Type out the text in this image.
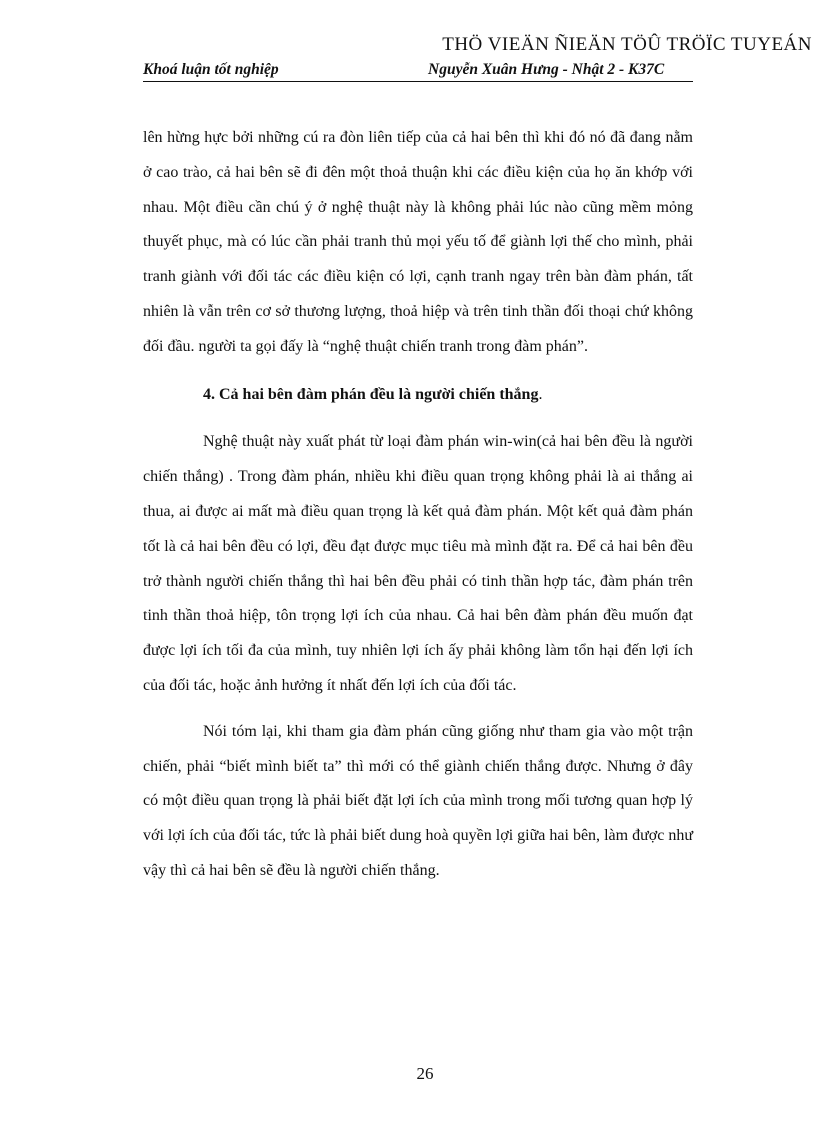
THÖ VIEÄN ÑIEÄN TÖÛ TRÖÏC TUYEÁN
Khoá luận tốt nghiệp	Nguyễn Xuân Hưng - Nhật 2 - K37C

lên hừng hực bởi những cú ra đòn liên tiếp của cả hai bên thì khi đó nó đã đang nằm ở cao trào, cả hai bên sẽ đi đên một thoả thuận khi các điều kiện của họ ăn khớp với nhau. Một điều cần chú ý ở nghệ thuật này là không phải lúc nào cũng mềm mỏng thuyết phục, mà có lúc cần phải tranh thủ mọi yếu tố để giành lợi thế cho mình, phải tranh giành với đối tác các điều kiện có lợi, cạnh tranh ngay trên bàn đàm phán, tất nhiên là vẫn trên cơ sở thương lượng, thoả hiệp và trên tinh thần đối thoại chứ không đối đầu. người ta gọi đấy là “nghệ thuật chiến tranh trong đàm phán”.

4. Cả hai bên đàm phán đều là người chiến thắng.

Nghệ thuật này xuất phát từ loại đàm phán win-win(cả hai bên đều là người chiến thắng) . Trong đàm phán, nhiều khi điều quan trọng không phải là ai thắng ai thua, ai được ai mất mà điều quan trọng là kết quả đàm phán. Một kết quả đàm phán tốt là cả hai bên đều có lợi, đều đạt được mục tiêu mà mình đặt ra. Để cả hai bên đều trở thành người chiến thắng thì hai bên đều phải có tinh thần hợp tác, đàm phán trên tinh thần thoả hiệp, tôn trọng lợi ích của nhau. Cả hai bên đàm phán đều muốn đạt được lợi ích tối đa của mình, tuy nhiên lợi ích ấy phải không làm tổn hại đến lợi ích của đối tác, hoặc ảnh hưởng ít nhất đến lợi ích của đối tác.

Nói tóm lại, khi tham gia đàm phán cũng giống như tham gia vào một trận chiến, phải “biết mình biết ta” thì mới có thể giành chiến thắng được. Nhưng ở đây có một điều quan trọng là phải biết đặt lợi ích của mình trong mối tương quan hợp lý với lợi ích của đối tác, tức là phải biết dung hoà quyền lợi giữa hai bên, làm được như vậy thì cả hai bên sẽ đều là người chiến thắng.

26
